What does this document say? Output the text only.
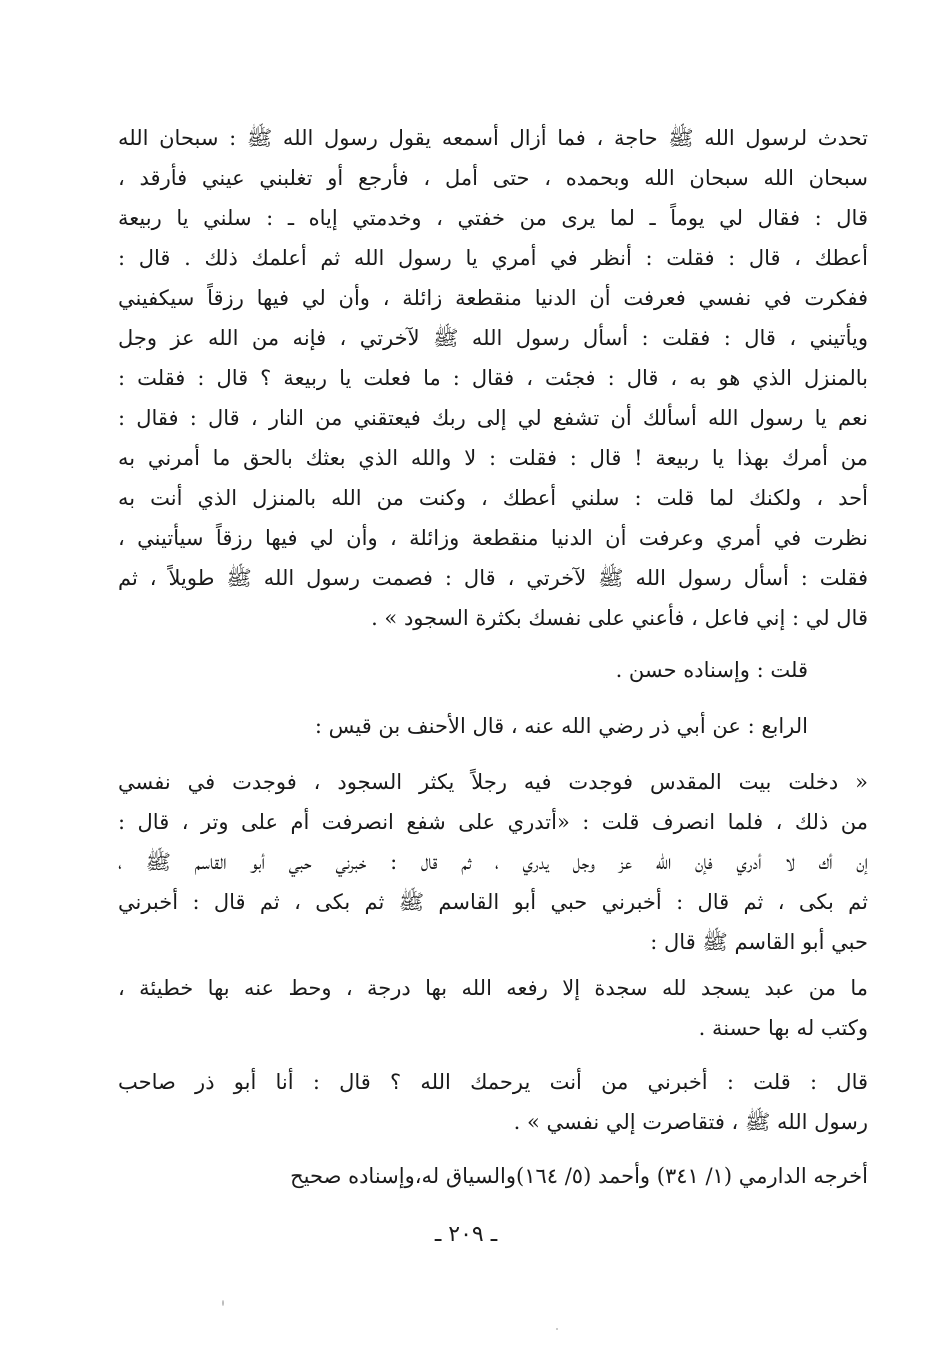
تحدث لرسول الله ﷺ حاجة ، فما أزال أسمعه يقول رسول الله ﷺ : سبحان الله
سبحان الله سبحان الله وبحمده ، حتى أمل ، فأرجع أو تغلبني عيني فأرقد ،
قال : فقال لي يوماً ـ لما يرى من خفتي ، وخدمتي إياه ـ : سلني يا ربيعة
أعطك ، قال : فقلت : أنظر في أمري يا رسول الله ثم أعلمك ذلك . قال :
ففكرت في نفسي فعرفت أن الدنيا منقطعة زائلة ، وأن لي فيها رزقاً سيكفيني
ويأتيني ، قال : فقلت : أسأل رسول الله ﷺ لآخرتي ، فإنه من الله عز وجل
بالمنزل الذي هو به ، قال : فجئت ، فقال : ما فعلت يا ربيعة ؟ قال : فقلت :
نعم يا رسول الله أسألك أن تشفع لي إلى ربك فيعتقني من النار ، قال : فقال :
من أمرك بهذا يا ربيعة ! قال : فقلت : لا والله الذي بعثك بالحق ما أمرني به
أحد ، ولكنك لما قلت : سلني أعطك ، وكنت من الله بالمنزل الذي أنت به
نظرت في أمري وعرفت أن الدنيا منقطعة وزائلة ، وأن لي فيها رزقاً سيأتيني ،
فقلت : أسأل رسول الله ﷺ لآخرتي ، قال : فصمت رسول الله ﷺ طويلاً ، ثم
قال لي : إني فاعل ، فأعني على نفسك بكثرة السجود » .
قلت : وإسناده حسن .
الرابع : عن أبي ذر رضي الله عنه ، قال الأحنف بن قيس :
« دخلت بيت المقدس فوجدت فيه رجلاً يكثر السجود ، فوجدت في نفسي
من ذلك ، فلما انصرف قلت : «أتدري على شفع انصرفت أم على وتر ، قال :
إن أك لا أدري فإن الله عز وجل يدري ، ثم قال : خبرني حبي أبو القاسم ﷺ ،
ثم بكى ، ثم قال : أخبرني حبي أبو القاسم ﷺ ثم بكى ، ثم قال : أخبرني
حبي أبو القاسم ﷺ قال :
ما من عبد يسجد لله سجدة إلا رفعه الله بها درجة ، وحط عنه بها خطيئة ،
وكتب له بها حسنة .
قال : قلت : أخبرني من أنت يرحمك الله ؟ قال : أنا أبو ذر صاحب
رسول الله ﷺ ، فتقاصرت إلي نفسي » .
أخرجه الدارمي (١/ ٣٤١) وأحمد (٥/ ١٦٤)والسياق له،وإسناده صحيح
ـ ٢٠٩ ـ
